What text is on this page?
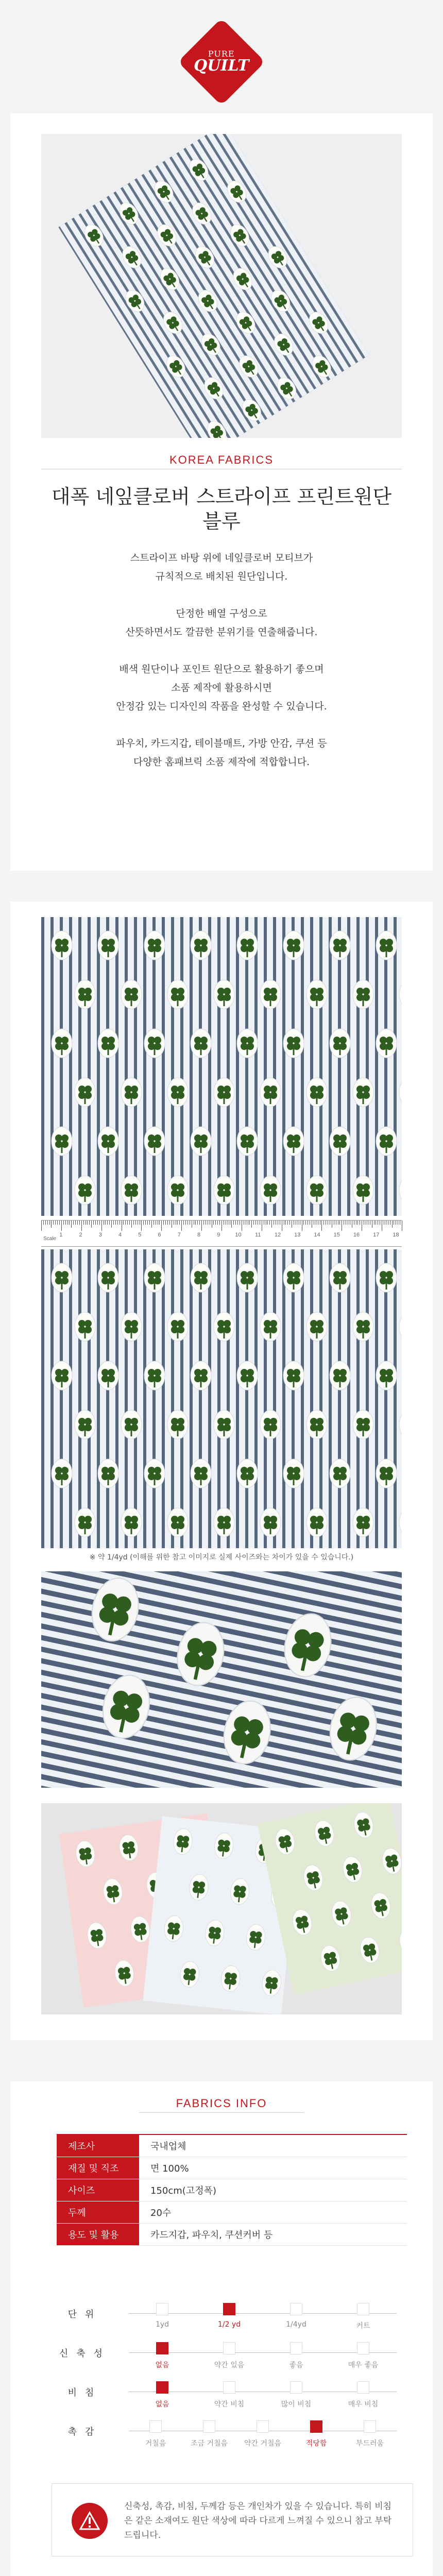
PURE
QUILT
KOREA FABRICS
대폭 네잎클로버 스트라이프 프린트원단
블루
스트라이프 바탕 위에 네잎클로버 모티브가
규칙적으로 배치된 원단입니다.

단정한 배열 구성으로
산뜻하면서도 깔끔한 분위기를 연출해줍니다.

배색 원단이나 포인트 원단으로 활용하기 좋으며
소품 제작에 활용하시면
안정감 있는 디자인의 작품을 완성할 수 있습니다.

파우치, 카드지갑, 테이블매트, 가방 안감, 쿠션 등
다양한 홈패브릭 소품 제작에 적합합니다.
Scale
1	2	3	4	5	6	7	8	9	10 11 12 13 14 15 16 17 18
※ 약 1/4yd (이해를 위한 참고 이미지로 실제 사이즈와는 차이가 있을 수 있습니다.)
FABRICS INFO
제조사	국내업체
재질 및 직조	면 100%
사이즈	150cm(고정폭)
두께	20수
용도 및 활용	카드지갑, 파우치, 쿠션커버 등
단위
1yd	1/2 yd	1/4yd	커트
신축성
없음	약간 있음	좋음	매우 좋음
비침
없음	약간 비침	많이 비침	매우 비침
촉감
거칠음	조금 거칠음	약간 거칠음	적당함	부드러움
신축성, 촉감, 비침, 두께감 등은 개인차가 있을 수 있습니다. 특히 비침은 같은 소재여도 원단 색상에 따라 다르게 느껴질 수 있으니 참고 부탁드립니다.
